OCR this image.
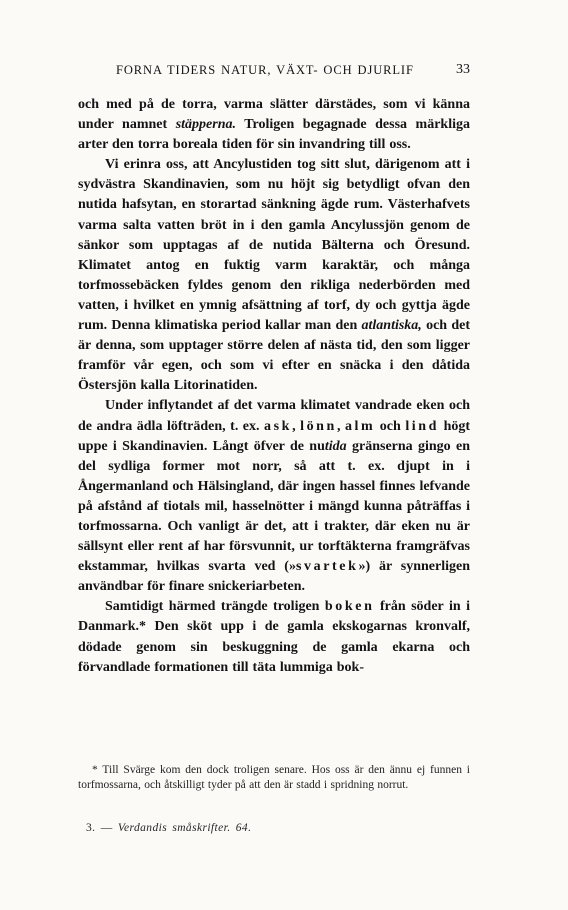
FORNA TIDERS NATUR, VÄXT- OCH DJURLIF	33

och med på de torra, varma slätter därstädes, som vi känna under namnet stäpperna. Troligen begagnade dessa märkliga arter den torra boreala tiden för sin invandring till oss.

Vi erinra oss, att Ancylustiden tog sitt slut, därigenom att i sydvästra Skandinavien, som nu höjt sig betydligt ofvan den nutida hafsytan, en storartad sänkning ägde rum. Västerhafvets varma salta vatten bröt in i den gamla Ancylussjön genom de sänkor som upptagas af de nutida Bälterna och Öresund. Klimatet antog en fuktig varm karaktär, och många torfmossebäcken fyldes genom den rikliga nederbörden med vatten, i hvilket en ymnig afsättning af torf, dy och gyttja ägde rum. Denna klimatiska period kallar man den atlantiska, och det är denna, som upptager större delen af nästa tid, den som ligger framför vår egen, och som vi efter en snäcka i den dåtida Östersjön kalla Litorinatiden.

Under inflytandet af det varma klimatet vandrade eken och de andra ädla löfträden, t. ex. ask, lönn, alm och lind högt uppe i Skandinavien. Långt öfver de nutida gränserna gingo en del sydliga former mot norr, så att t. ex. djupt in i Ångermanland och Hälsingland, där ingen hassel finnes lefvande på afstånd af tiotals mil, hasselnötter i mängd kunna påträffas i torfmossarna. Och vanligt är det, att i trakter, där eken nu är sällsynt eller rent af har försvunnit, ur torftäkterna framgräfvas ekstammar, hvilkas svarta ved (»svartek») är synnerligen användbar för finare snickeriarbeten.

Samtidigt härmed trängde troligen boken från söder in i Danmark.* Den sköt upp i de gamla ekskogarnas kronvalf, dödade genom sin beskuggning de gamla ekarna och förvandlade formationen till täta lummiga bok-

* Till Svärge kom den dock troligen senare. Hos oss är den ännu ej funnen i torfmossarna, och åtskilligt tyder på att den är stadd i spridning norrut.

3. — Verdandis småskrifter. 64.
